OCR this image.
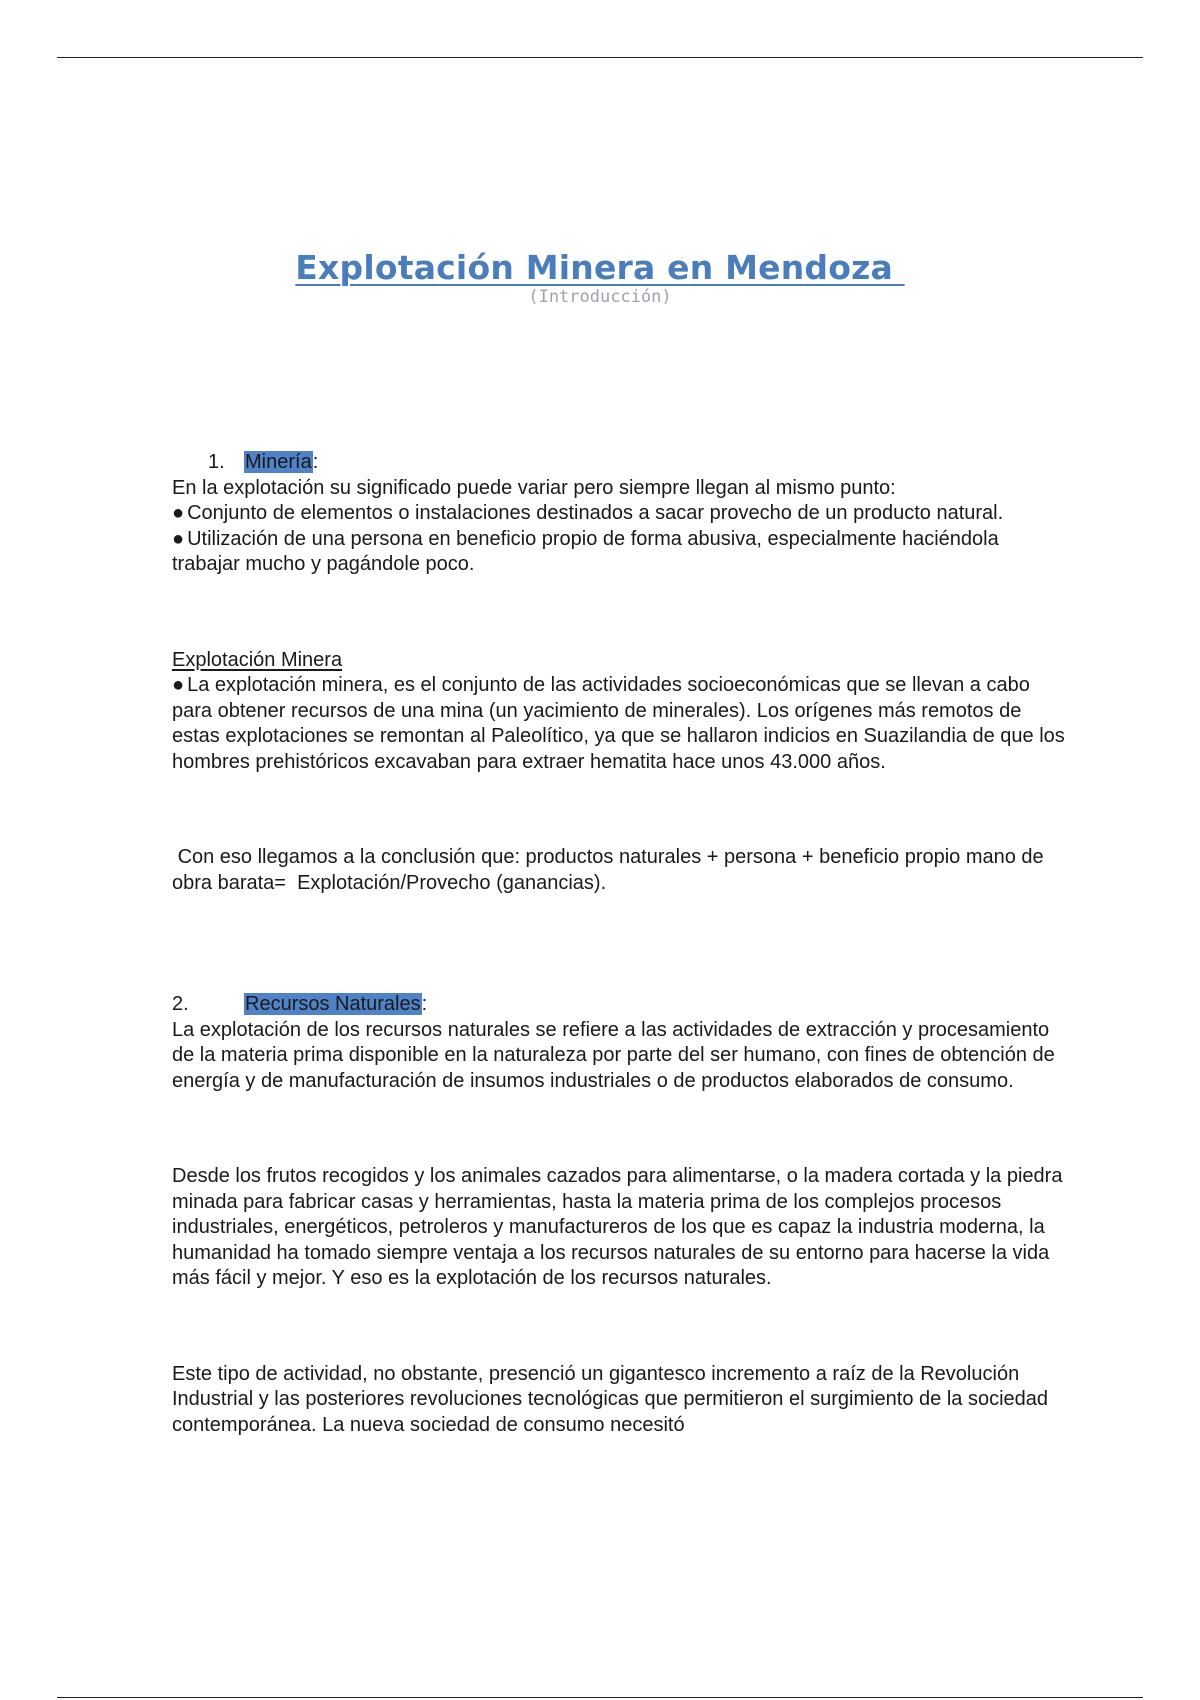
Explotación Minera en Mendoza
(Introducción)

1. Minería:

En la explotación su significado puede variar pero siempre llegan al mismo punto:

● Conjunto de elementos o instalaciones destinados a sacar provecho de un producto natural.

● Utilización de una persona en beneficio propio de forma abusiva, especialmente haciéndola trabajar mucho y pagándole poco.

Explotación Minera

● La explotación minera, es el conjunto de las actividades socioeconómicas que se llevan a cabo para obtener recursos de una mina (un yacimiento de minerales). Los orígenes más remotos de estas explotaciones se remontan al Paleolítico, ya que se hallaron indicios en Suazilandia de que los hombres prehistóricos excavaban para extraer hematita hace unos 43.000 años.

Con eso llegamos a la conclusión que: productos naturales + persona + beneficio propio mano de obra barata=  Explotación/Provecho (ganancias).

2.	Recursos Naturales:

La explotación de los recursos naturales se refiere a las actividades de extracción y procesamiento de la materia prima disponible en la naturaleza por parte del ser humano, con fines de obtención de energía y de manufacturación de insumos industriales o de productos elaborados de consumo.

Desde los frutos recogidos y los animales cazados para alimentarse, o la madera cortada y la piedra minada para fabricar casas y herramientas, hasta la materia prima de los complejos procesos industriales, energéticos, petroleros y manufactureros de los que es capaz la industria moderna, la humanidad ha tomado siempre ventaja a los recursos naturales de su entorno para hacerse la vida más fácil y mejor. Y eso es la explotación de los recursos naturales.

Este tipo de actividad, no obstante, presenció un gigantesco incremento a raíz de la Revolución Industrial y las posteriores revoluciones tecnológicas que permitieron el surgimiento de la sociedad contemporánea. La nueva sociedad de consumo necesitó
